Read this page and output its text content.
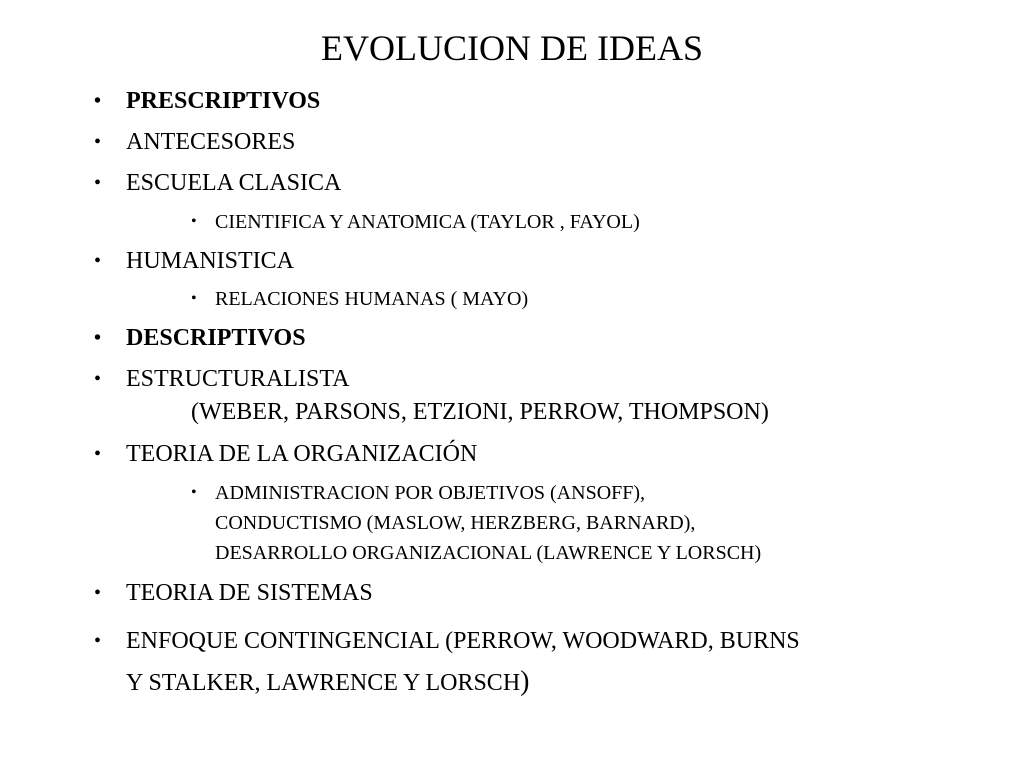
EVOLUCION DE IDEAS
• PRESCRIPTIVOS
• ANTECESORES
• ESCUELA CLASICA
• CIENTIFICA Y ANATOMICA (TAYLOR , FAYOL)
• HUMANISTICA
• RELACIONES HUMANAS ( MAYO)
• DESCRIPTIVOS
• ESTRUCTURALISTA
(WEBER, PARSONS, ETZIONI, PERROW, THOMPSON)
• TEORIA DE LA ORGANIZACIÓN
• ADMINISTRACION POR OBJETIVOS (ANSOFF),
CONDUCTISMO (MASLOW, HERZBERG, BARNARD),
DESARROLLO ORGANIZACIONAL (LAWRENCE Y LORSCH)
• TEORIA DE SISTEMAS
• ENFOQUE CONTINGENCIAL (PERROW, WOODWARD, BURNS
Y STALKER, LAWRENCE Y LORSCH)
